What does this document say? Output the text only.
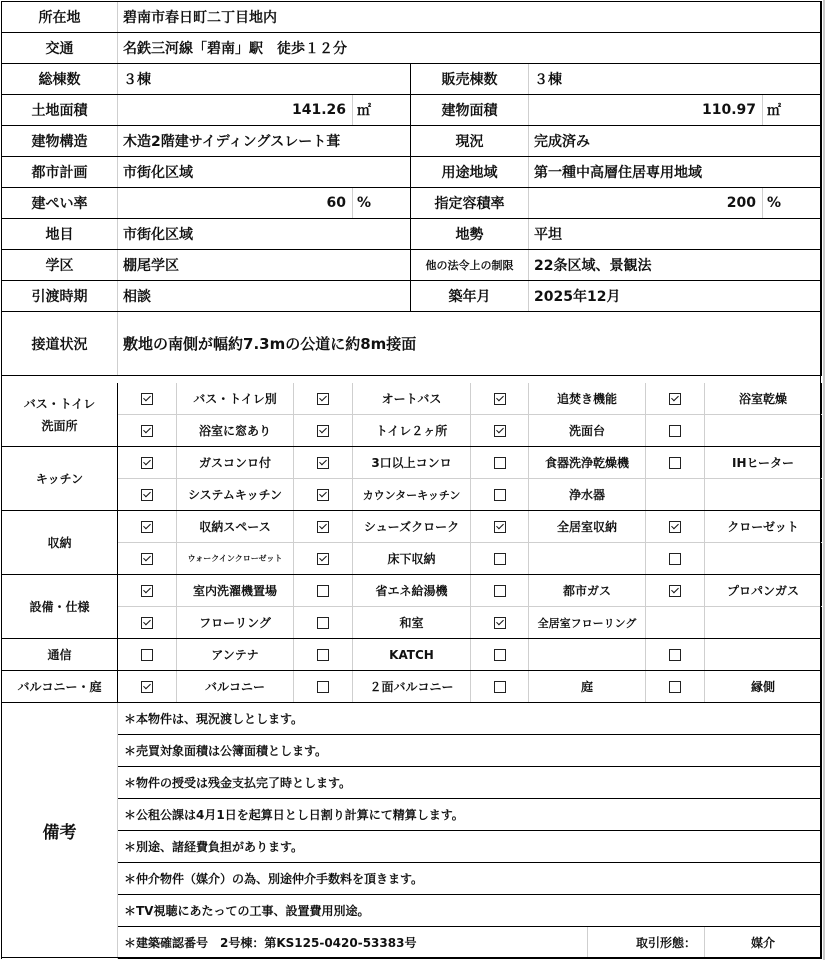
所在地	碧南市春日町二丁目地内				
交通	名鉄三河線「碧南」駅　徒歩１２分				
総棟数	３棟		販売棟数	３棟	
土地面積	141.26	㎡	建物面積	110.97	㎡
建物構造	木造2階建サイディングスレート葺		現況	完成済み	
都市計画	市街化区域		用途地域	第一種中高層住居専用地域	
建ぺい率	60	%	指定容積率	200	%
地目	市街化区域		地勢	平坦	
学区	棚尾学区		他の法令上の制限	22条区域、景観法	
引渡時期	相談		築年月	2025年12月	
接道状況	敷地の南側が幅約7.3mの公道に約8m接面				
バス・トイレ
洗面所		バス・トイレ別		オートバス		追焚き機能		浴室乾燥
		浴室に窓あり		トイレ２ヶ所		洗面台		
キッチン		ガスコンロ付		3口以上コンロ		食器洗浄乾燥機		IHヒーター
		システムキッチン		カウンターキッチン		浄水器		
収納		収納スペース		シューズクローク		全居室収納		クローゼット
		ウォークインクローゼット		床下収納				
設備・仕様		室内洗濯機置場		省エネ給湯機		都市ガス		プロパンガス
		フローリング		和室		全居室フローリング		
通信		アンテナ		KATCH				
バルコニー・庭		バルコニー		２面バルコニー		庭		縁側
備考	＊本物件は、現況渡しとします。		
	＊売買対象面積は公簿面積とします。		
	＊物件の授受は残金支払完了時とします。		
	＊公租公課は4月1日を起算日とし日割り計算にて精算します。		
	＊別途、諸経費負担があります。		
	＊仲介物件（媒介）の為、別途仲介手数料を頂きます。		
	＊TV視聴にあたっての工事、設置費用別途。		
	＊建築確認番号　2号棟：第KS125-0420-53383号	取引形態：	媒介
